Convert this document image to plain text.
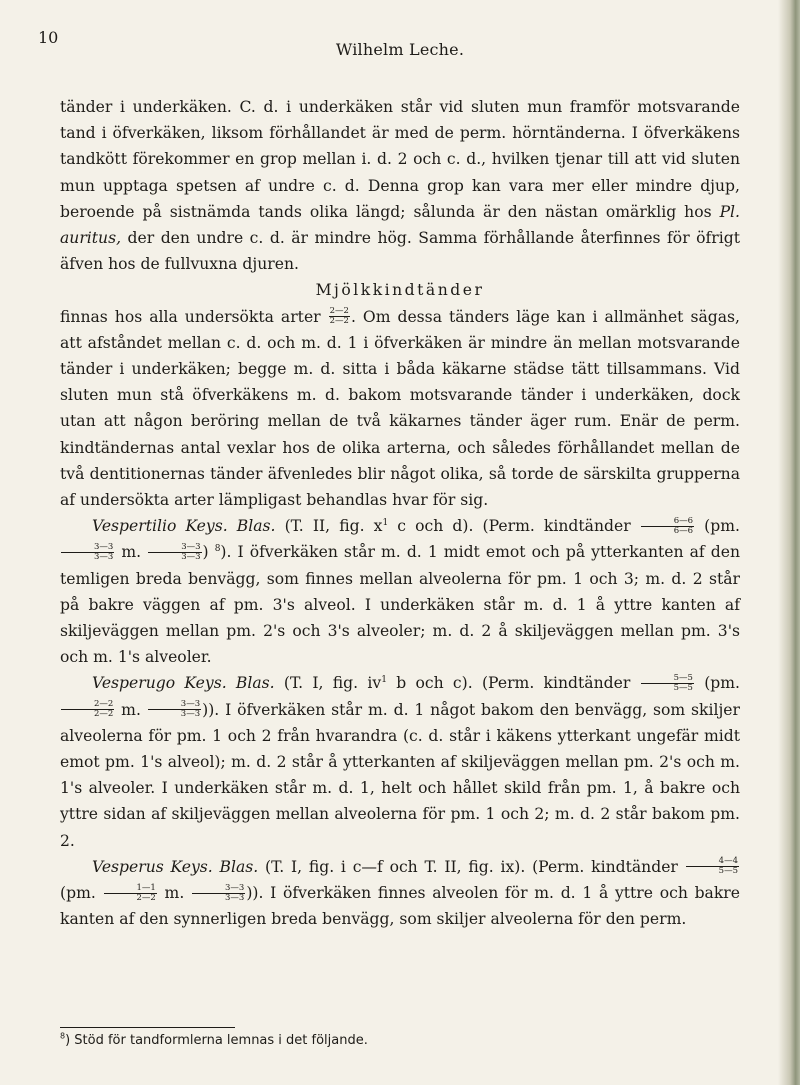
10
Wilhelm Leche.

tänder i underkäken. C. d. i underkäken står vid sluten mun framför motsvarande tand i öfverkäken, liksom förhållandet är med de perm. hörntänderna. I öfverkäkens tandkött förekommer en grop mellan i. d. 2 och c. d., hvilken tjenar till att vid sluten mun upptaga spetsen af undre c. d. Denna grop kan vara mer eller mindre djup, beroende på sistnämda tands olika längd; sålunda är den nästan omärklig hos Pl. auritus, der den undre c. d. är mindre hög. Samma förhållande återfinnes för öfrigt äfven hos de fullvuxna djuren.

Mjölkkindtänder

finnas hos alla undersökta arter $\frac{2—2}{2—2}$ . Om dessa tänders läge kan i allmänhet sägas, att afståndet mellan c. d. och m. d. 1 i öfverkäken är mindre än mellan motsvarande tänder i underkäken; begge m. d. sitta i båda käkarne städse tätt tillsammans. Vid sluten mun stå öfverkäkens m. d. bakom motsvarande tänder i underkäken, dock utan att någon beröring mellan de två käkarnes tänder äger rum. Enär de perm. kindtändernas antal vexlar hos de olika arterna, och således förhållandet mellan de två dentitionernas tänder äfvenledes blir något olika, så torde de särskilta grupperna af undersökta arter lämpligast behandlas hvar för sig.

Vespertilio Keys. Blas. (T. II, fig. $x^1$ c och d). (Perm. kindtänder $\frac{6—6}{6—6} (pm$.
$\frac{3—3}{3—3} m$. $\frac{3—3}{3—3}$ ) $^8$). I öfverkäken står m. d. 1 midt emot och på ytterkanten af den temligen breda benvägg, som finnes mellan alveolerna för pm. 1 och 3; m. d. 2 står på bakre väggen af pm. 3's alveol. I underkäken står m. d. 1 å yttre kanten af skiljeväggen mellan pm. 2's och 3's alveoler; m. d. 2 å skiljeväggen mellan pm. 3's och m. 1's alveoler.

Vesperugo Keys. Blas. (T. I, fig. $iv^1$ b och c). (Perm. kindtänder $\frac{5—5}{5—5} (pm$.
$\frac{2—2}{2—2} m$. $\frac{3—3}{3—3}$ )). I öfverkäken står m. d. 1 något bakom den benvägg, som skiljer alveolerna för pm. 1 och 2 från hvarandra (c. d. står i käkens ytterkant ungefär midt emot pm. 1's alveol); m. d. 2 står å ytterkanten af skiljeväggen mellan pm. 2's och m. 1's alveoler. I underkäken står m. d. 1, helt och hållet skild från pm. 1, å bakre och yttre sidan af skiljeväggen mellan alveolerna för pm. 1 och 2; m. d. 2 står bakom pm. 2.

Vesperus Keys. Blas. (T. I, fig. i c—f och T. II, fig. ix). (Perm. kindtänder $\frac{4—4}{5—5}$
(pm. $\frac{1—1}{2—2} m$. $\frac{3—3}{3—3}$ )). I öfverkäken finnes alveolen för m. d. 1 å yttre och bakre kanten af den synnerligen breda benvägg, som skiljer alveolerna för den perm.

$^8$) Stöd för tandformlerna lemnas i det följande.
